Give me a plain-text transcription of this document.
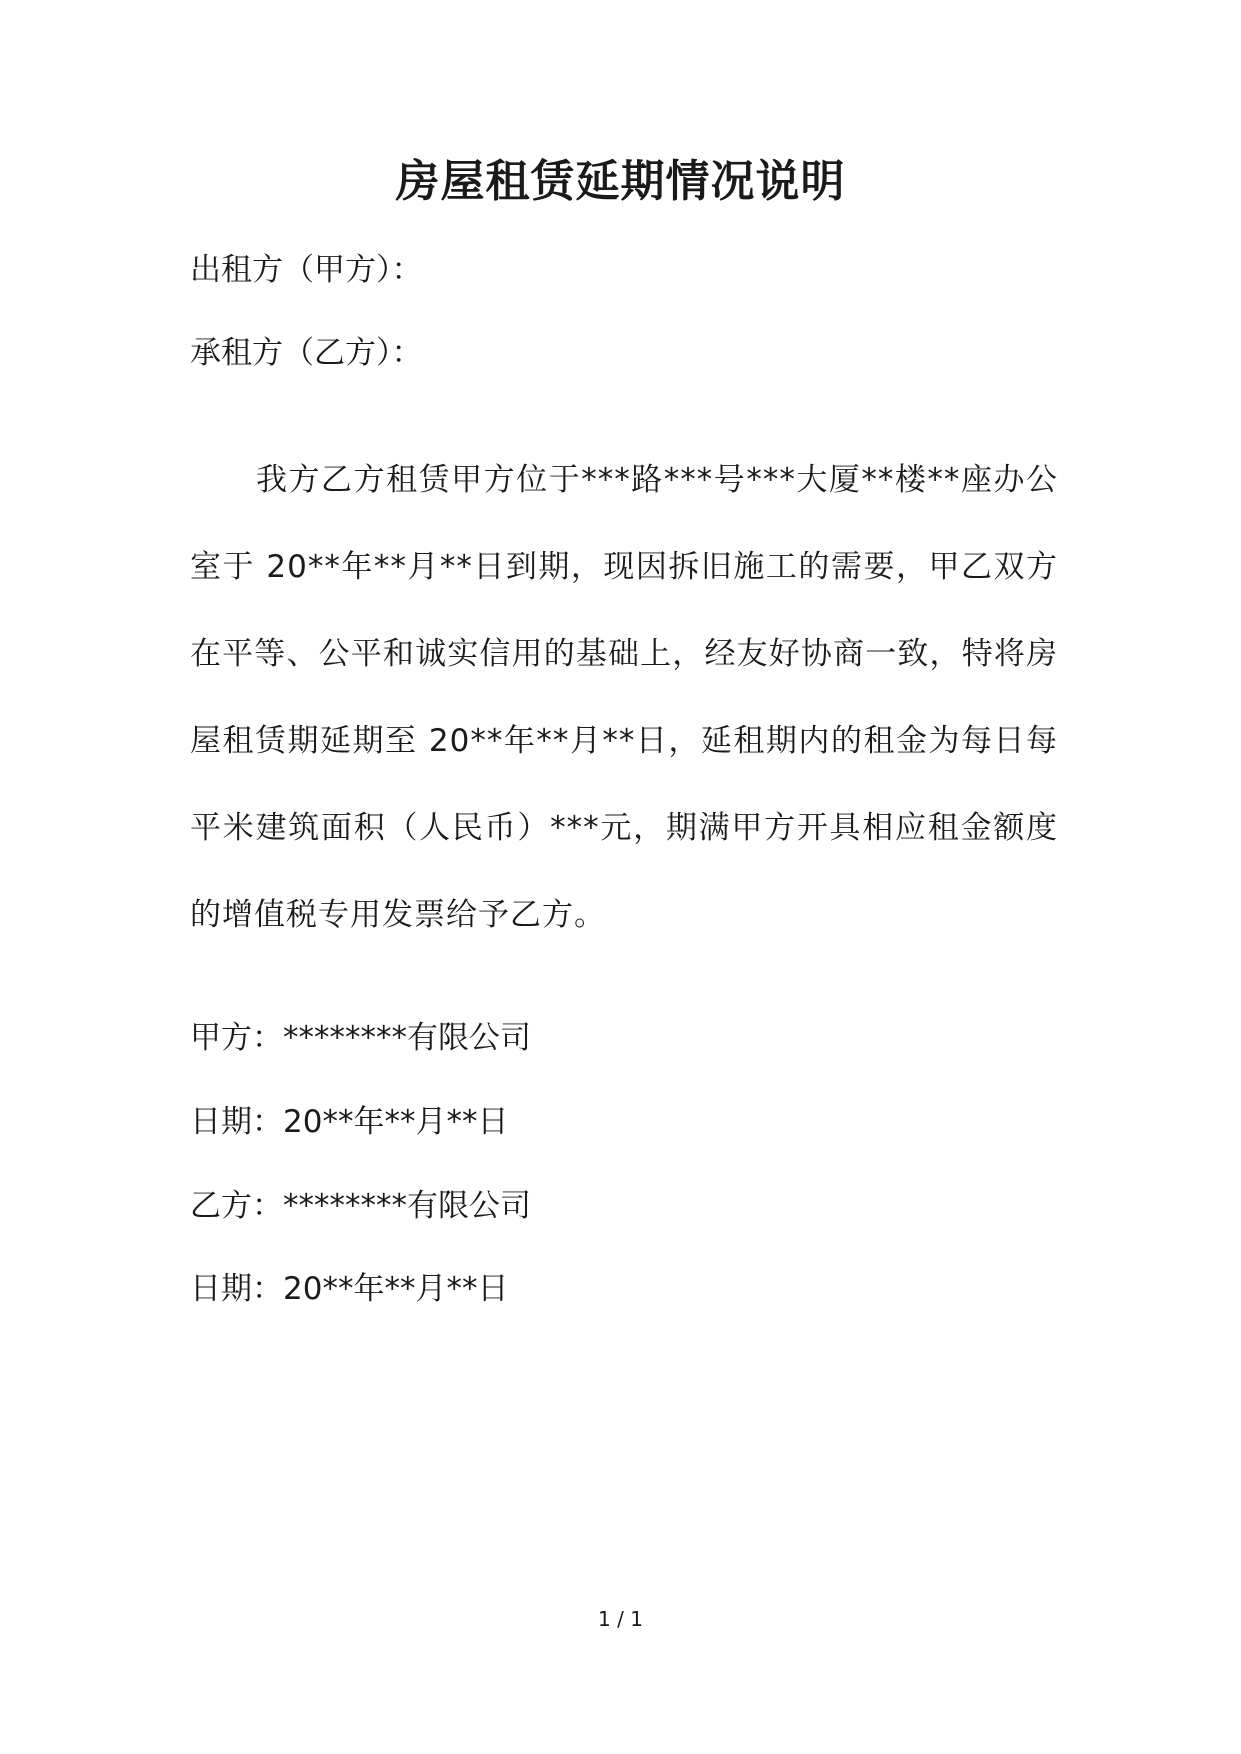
房屋租赁延期情况说明
出租方（甲方）：
承租方（乙方）：
我方乙方租赁甲方位于***路***号***大厦**楼**座办公室于 20**年**月**日到期，现因拆旧施工的需要，甲乙双方在平等、公平和诚实信用的基础上，经友好协商一致，特将房屋租赁期延期至 20**年**月**日，延租期内的租金为每日每平米建筑面积（人民币）***元，期满甲方开具相应租金额度的增值税专用发票给予乙方。
甲方：********有限公司
日期：20**年**月**日
乙方：********有限公司
日期：20**年**月**日
1 / 1
